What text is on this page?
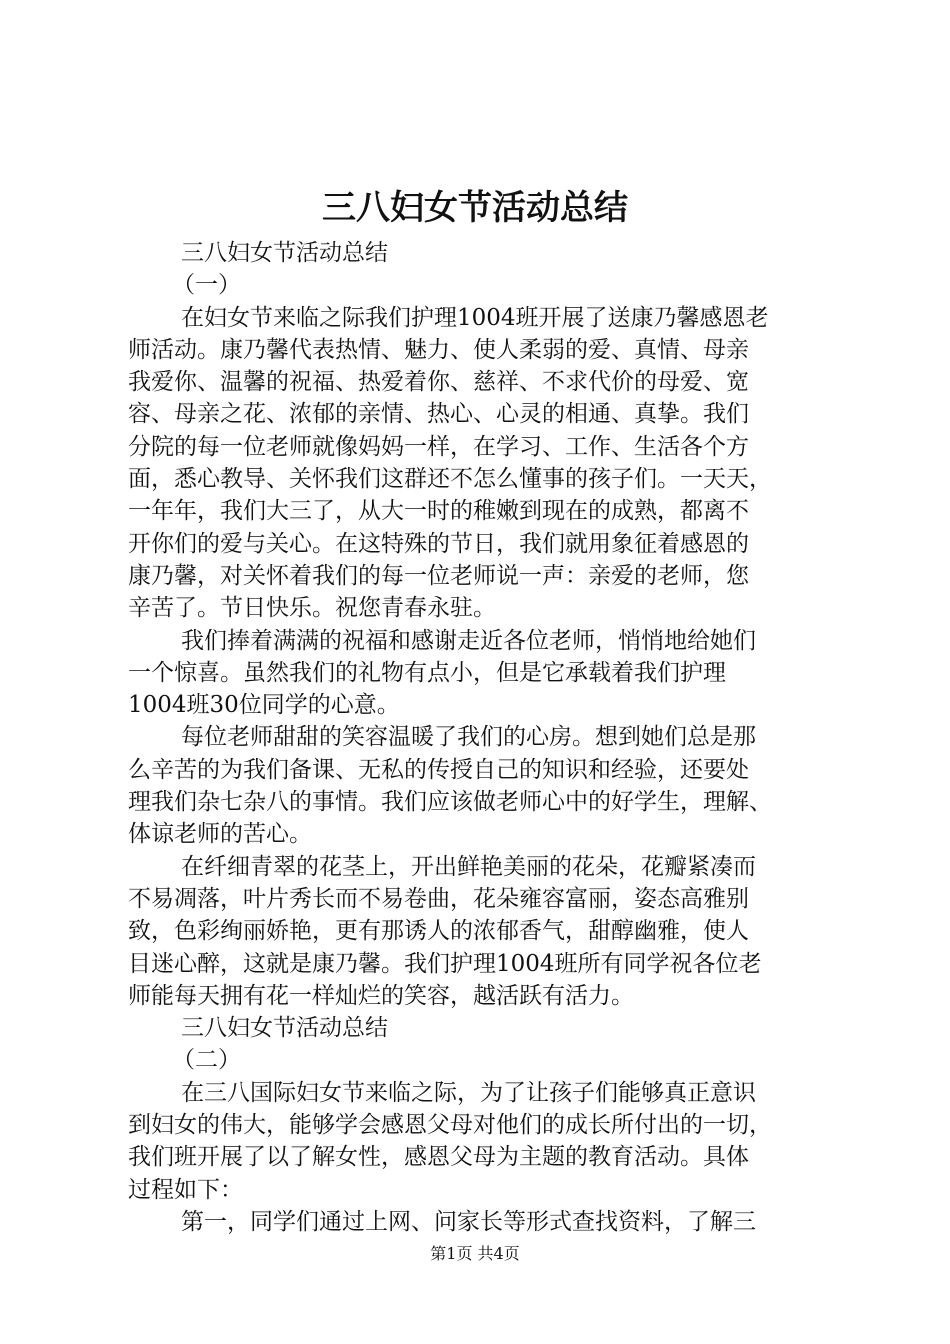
三八妇女节活动总结
三八妇女节活动总结
（一）
在妇女节来临之际我们护理1004班开展了送康乃馨感恩老
师活动。康乃馨代表热情、魅力、使人柔弱的爱、真情、母亲
我爱你、温馨的祝福、热爱着你、慈祥、不求代价的母爱、宽
容、母亲之花、浓郁的亲情、热心、心灵的相通、真挚。我们
分院的每一位老师就像妈妈一样，在学习、工作、生活各个方
面，悉心教导、关怀我们这群还不怎么懂事的孩子们。一天天，
一年年，我们大三了，从大一时的稚嫩到现在的成熟，都离不
开你们的爱与关心。在这特殊的节日，我们就用象征着感恩的
康乃馨，对关怀着我们的每一位老师说一声：亲爱的老师，您
辛苦了。节日快乐。祝您青春永驻。
我们捧着满满的祝福和感谢走近各位老师，悄悄地给她们
一个惊喜。虽然我们的礼物有点小，但是它承载着我们护理
1004班30位同学的心意。
每位老师甜甜的笑容温暖了我们的心房。想到她们总是那
么辛苦的为我们备课、无私的传授自己的知识和经验，还要处
理我们杂七杂八的事情。我们应该做老师心中的好学生，理解、
体谅老师的苦心。
在纤细青翠的花茎上，开出鲜艳美丽的花朵，花瓣紧凑而
不易凋落，叶片秀长而不易卷曲，花朵雍容富丽，姿态高雅别
致，色彩绚丽娇艳，更有那诱人的浓郁香气，甜醇幽雅，使人
目迷心醉，这就是康乃馨。我们护理1004班所有同学祝各位老
师能每天拥有花一样灿烂的笑容，越活跃有活力。
三八妇女节活动总结
（二）
在三八国际妇女节来临之际，为了让孩子们能够真正意识
到妇女的伟大，能够学会感恩父母对他们的成长所付出的一切，
我们班开展了以了解女性，感恩父母为主题的教育活动。具体
过程如下：
第一，同学们通过上网、问家长等形式查找资料，了解三
第1页 共4页
